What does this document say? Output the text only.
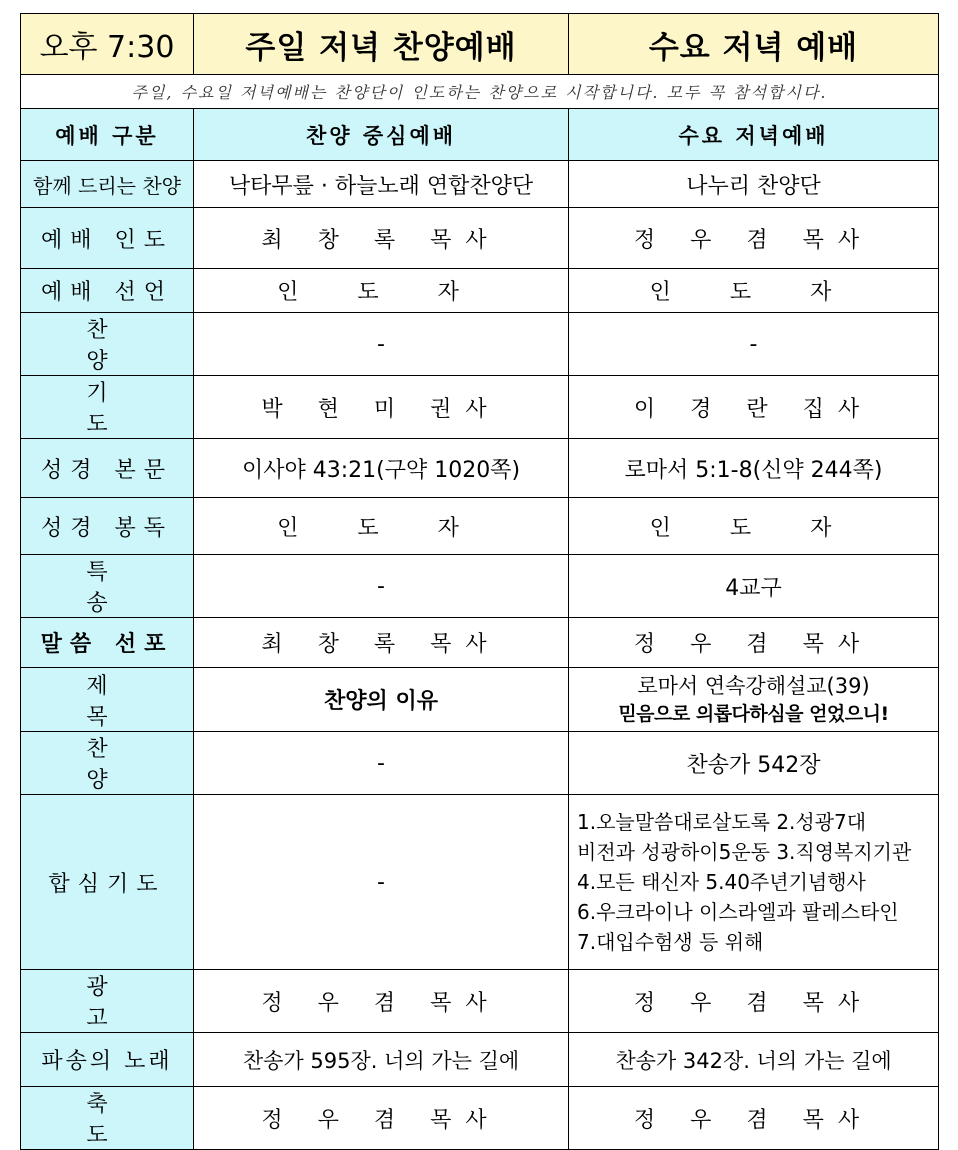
오후 7:30	주일 저녁 찬양예배	수요 저녁 예배
주일, 수요일 저녁예배는 찬양단이 인도하는 찬양으로 시작합니다. 모두 꼭 참석합시다.		
예배 구분	찬양 중심예배	수요 저녁예배
함께 드리는 찬양	낙타무릎 · 하늘노래 연합찬양단	나누리 찬양단
예배 인도	최 창 록 목사	정 우 겸 목사
예배 선언	인 도 자	인 도 자
찬 양	-	-
기 도	박 현 미 권사	이 경 란 집사
성경 본문	이사야 43:21(구약 1020쪽)	로마서 5:1-8(신약 244쪽)
성경 봉독	인 도 자	인 도 자
특 송	-	4교구
말씀 선포	최 창 록 목사	정 우 겸 목사
제 목	찬양의 이유	로마서 연속강해설교(39)
믿음으로 의롭다하심을 얻었으니!

찬 양	-	찬송가 542장
합심기도	-	1.오늘말씀대로살도록 2.성광7대
비전과 성광하이5운동 3.직영복지기관
4.모든 태신자 5.40주년기념행사
6.우크라이나 이스라엘과 팔레스타인
7.대입수험생 등 위해

광 고	정 우 겸 목사	정 우 겸 목사
파송의 노래	찬송가 595장. 너의 가는 길에	찬송가 342장. 너의 가는 길에
축 도	정 우 겸 목사	정 우 겸 목사
